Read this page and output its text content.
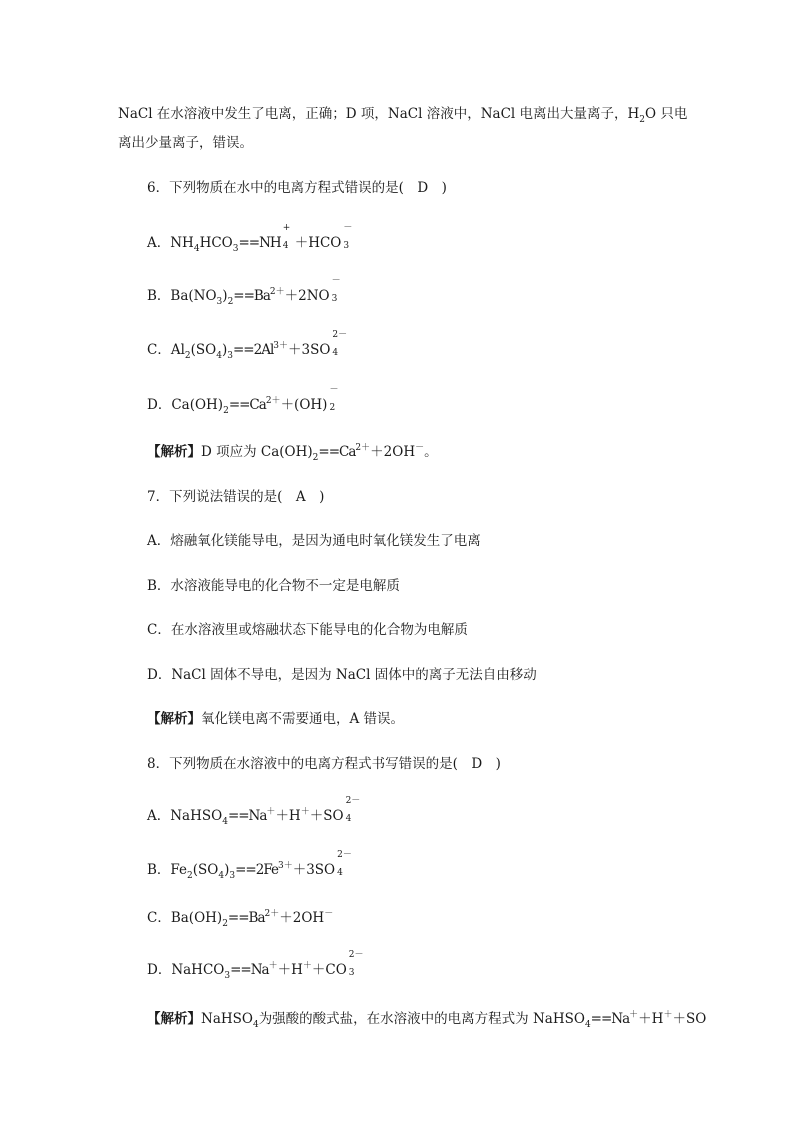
NaCl 在水溶液中发生了电离，正确；D 项，NaCl 溶液中，NaCl 电离出大量离子，$H_2O$ 只电
离出少量离子，错误。
6．下列物质在水中的电离方程式错误的是(　D　)
A．$NH_4HCO_3==NH$
+
4 ＋HCO
－
3
B．$Ba(NO_3)_2==Ba^{2+}+2NO$
－
3
C．$Al_2(SO_4)_3==2Al^{3+}+3SO$
2－
4
D．$Ca(OH)_2==Ca^{2+}+(OH)$
－
2
【解析】D 项应为 $Ca(OH)_2==Ca^{2+}+2OH^-$。
7．下列说法错误的是(　A　)
A．熔融氧化镁能导电，是因为通电时氧化镁发生了电离
B．水溶液能导电的化合物不一定是电解质
C．在水溶液里或熔融状态下能导电的化合物为电解质
D．NaCl 固体不导电，是因为 NaCl 固体中的离子无法自由移动
【解析】氧化镁电离不需要通电，A 错误。
8．下列物质在水溶液中的电离方程式书写错误的是(　D　)
A．NaHSO$_4$==Na＋＋H＋＋SO
2－
4
B．$Fe_2(SO_4)_3==2Fe^{3+}+3SO$
2－
4
C．$Ba(OH)_2==Ba^{2+}+2OH^-$
D．NaHCO$_3$==Na＋＋H＋＋CO
2－
3
【解析】NaHSO$_4$为强酸的酸式盐，在水溶液中的电离方程式为 NaHSO$_4$==Na＋＋H＋＋SO
